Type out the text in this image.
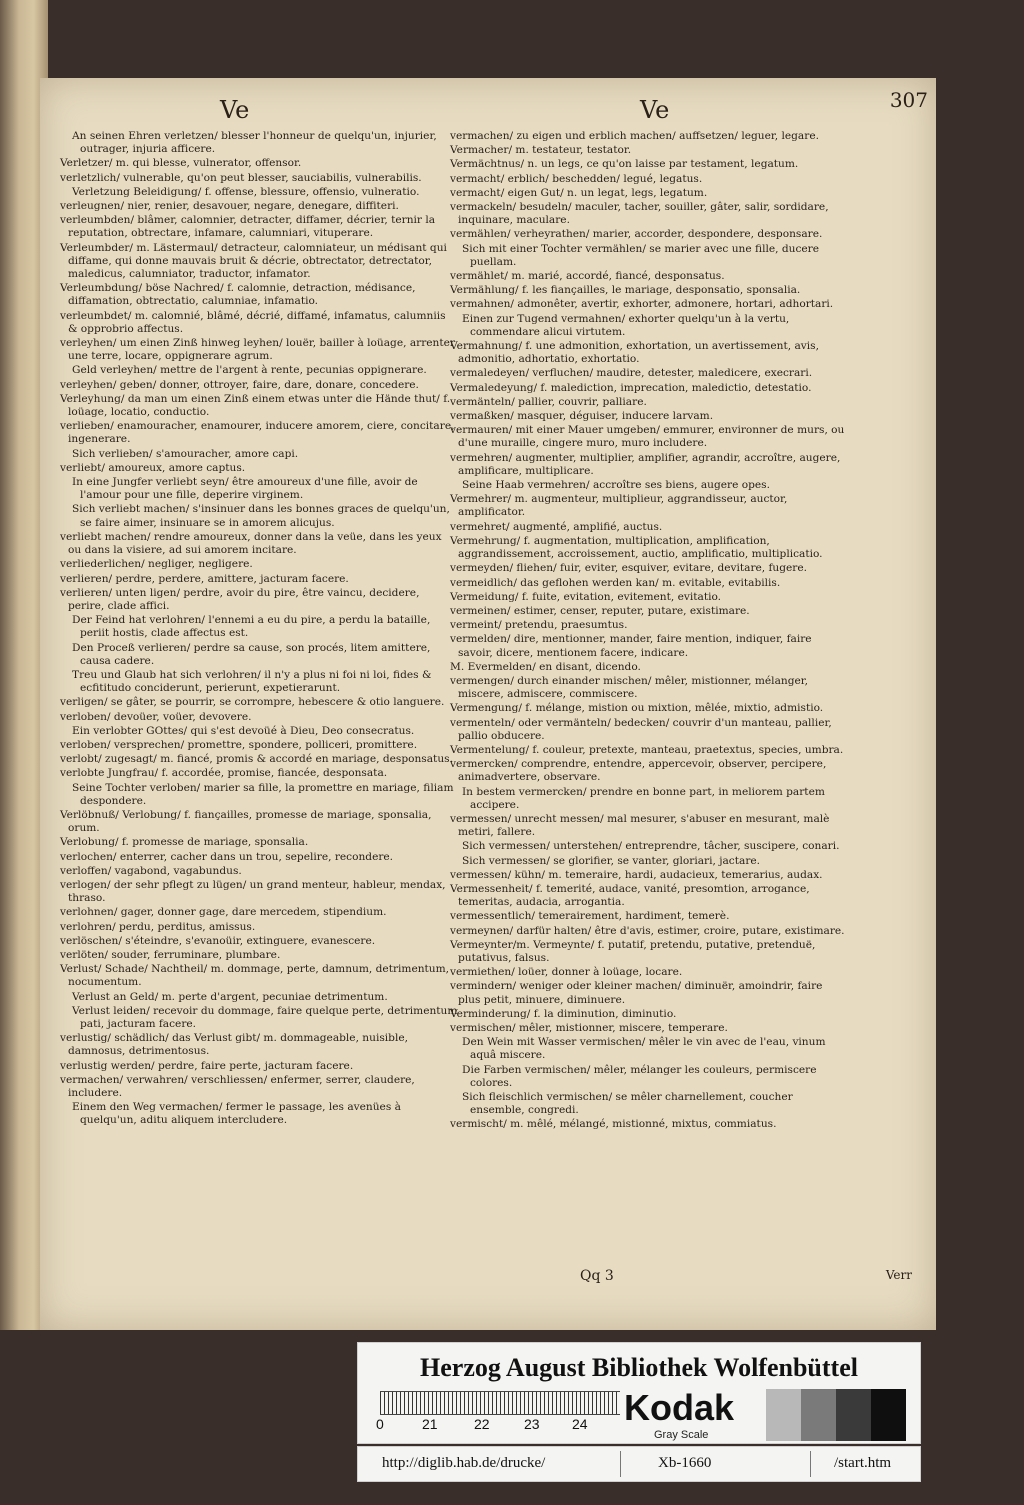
Ve	Ve	307
An seinen Ehren verletzen/ blesser l'honneur de quelqu'un, injurier, outrager, injuria afficere.
Verletzer/ m. qui blesse, vulnerator, offensor.
verletzlich/ vulnerable, qu'on peut blesser, sauciabilis, vulnerabilis.
Verletzung Beleidigung/ f. offense, blessure, offensio, vulneratio.
verleugnen/ nier, renier, desavouer, negare, denegare, diffiteri.
verleumbden/ blâmer, calomnier, detracter, diffamer, décrier, ternir la reputation, obtrectare, infamare, calumniari, vituperare.
Verleumbder/ m. Lästermaul/ detracteur, calomniateur, un médisant qui diffame, qui donne mauvais bruit & décrie, obtrectator, detrectator, maledicus, calumniator, traductor, infamator.
Verleumbdung/ böse Nachred/ f. calomnie, detraction, médisance, diffamation, obtrectatio, calumniae, infamatio.
verleumbdet/ m. calomnié, blâmé, décrié, diffamé, infamatus, calumniis & opprobrio affectus.
verleyhen/ um einen Zinß hinweg leyhen/ louër, bailler à loüage, arrenter une terre, locare, oppignerare agrum.
Geld verleyhen/ mettre de l'argent à rente, pecunias oppignerare.
verleyhen/ geben/ donner, ottroyer, faire, dare, donare, concedere.
Verleyhung/ da man um einen Zinß einem etwas unter die Hände thut/ f. loüage, locatio, conductio.
verlieben/ enamouracher, enamourer, inducere amorem, ciere, concitare, ingenerare.
Sich verlieben/ s'amouracher, amore capi.
verliebt/ amoureux, amore captus.
In eine Jungfer verliebt seyn/ être amoureux d'une fille, avoir de l'amour pour une fille, deperire virginem.
Sich verliebt machen/ s'insinuer dans les bonnes graces de quelqu'un, se faire aimer, insinuare se in amorem alicujus.
verliebt machen/ rendre amoureux, donner dans la veüe, dans les yeux ou dans la visiere, ad sui amorem incitare.
verliederlichen/ negliger, negligere.
verlieren/ perdre, perdere, amittere, jacturam facere.
verlieren/ unten ligen/ perdre, avoir du pire, être vaincu, decidere, perire, clade affici.
Der Feind hat verlohren/ l'ennemi a eu du pire, a perdu la bataille, periit hostis, clade affectus est.
Den Proceß verlieren/ perdre sa cause, son procés, litem amittere, causa cadere.
Treu und Glaub hat sich verlohren/ il n'y a plus ni foi ni loi, fides & ecfititudo conciderunt, perierunt, expetierarunt.
verligen/ se gâter, se pourrir, se corrompre, hebescere & otio languere.
verloben/ devoüer, voüer, devovere.
Ein verlobter GOttes/ qui s'est devoüé à Dieu, Deo consecratus.
verloben/ versprechen/ promettre, spondere, polliceri, promittere.
verlobt/ zugesagt/ m. fiancé, promis & accordé en mariage, desponsatus.
verlobte Jungfrau/ f. accordée, promise, fiancée, desponsata.
Seine Tochter verloben/ marier sa fille, la promettre en mariage, filiam despondere.
Verlöbnuß/ Verlobung/ f. fiançailles, promesse de mariage, sponsalia, orum.
Verlobung/ f. promesse de mariage, sponsalia.
verlochen/ enterrer, cacher dans un trou, sepelire, recondere.
verloffen/ vagabond, vagabundus.
verlogen/ der sehr pflegt zu lügen/ un grand menteur, hableur, mendax, thraso.
verlohnen/ gager, donner gage, dare mercedem, stipendium.
verlohren/ perdu, perditus, amissus.
verlöschen/ s'éteindre, s'evanoüir, extinguere, evanescere.
verlöten/ souder, ferruminare, plumbare.
Verlust/ Schade/ Nachtheil/ m. dommage, perte, damnum, detrimentum, nocumentum.
Verlust an Geld/ m. perte d'argent, pecuniae detrimentum.
Verlust leiden/ recevoir du dommage, faire quelque perte, detrimentum pati, jacturam facere.
verlustig/ schädlich/ das Verlust gibt/ m. dommageable, nuisible, damnosus, detrimentosus.
verlustig werden/ perdre, faire perte, jacturam facere.
vermachen/ verwahren/ verschliessen/ enfermer, serrer, claudere, includere.
Einem den Weg vermachen/ fermer le passage, les avenües à quelqu'un, aditu aliquem intercludere.
vermachen/ zu eigen und erblich machen/ auffsetzen/ leguer, legare.
Vermacher/ m. testateur, testator.
Vermächtnus/ n. un legs, ce qu'on laisse par testament, legatum.
vermacht/ erblich/ beschedden/ legué, legatus.
vermacht/ eigen Gut/ n. un legat, legs, legatum.
vermackeln/ besudeln/ maculer, tacher, souiller, gâter, salir, sordidare, inquinare, maculare.
vermählen/ verheyrathen/ marier, accorder, despondere, desponsare.
Sich mit einer Tochter vermählen/ se marier avec une fille, ducere puellam.
vermählet/ m. marié, accordé, fiancé, desponsatus.
Vermählung/ f. les fiançailles, le mariage, desponsatio, sponsalia.
vermahnen/ admonêter, avertir, exhorter, admonere, hortari, adhortari.
Einen zur Tugend vermahnen/ exhorter quelqu'un à la vertu, commendare alicui virtutem.
Vermahnung/ f. une admonition, exhortation, un avertissement, avis, admonitio, adhortatio, exhortatio.
vermaledeyen/ verfluchen/ maudire, detester, maledicere, execrari.
Vermaledeyung/ f. malediction, imprecation, maledictio, detestatio.
vermänteln/ pallier, couvrir, palliare.
vermaßken/ masquer, déguiser, inducere larvam.
vermauren/ mit einer Mauer umgeben/ emmurer, environner de murs, ou d'une muraille, cingere muro, muro includere.
vermehren/ augmenter, multiplier, amplifier, agrandir, accroître, augere, amplificare, multiplicare.
Seine Haab vermehren/ accroître ses biens, augere opes.
Vermehrer/ m. augmenteur, multiplieur, aggrandisseur, auctor, amplificator.
vermehret/ augmenté, amplifié, auctus.
Vermehrung/ f. augmentation, multiplication, amplification, aggrandissement, accroissement, auctio, amplificatio, multiplicatio.
vermeyden/ fliehen/ fuir, eviter, esquiver, evitare, devitare, fugere.
vermeidlich/ das geflohen werden kan/ m. evitable, evitabilis.
Vermeidung/ f. fuite, evitation, evitement, evitatio.
vermeinen/ estimer, censer, reputer, putare, existimare.
vermeint/ pretendu, praesumtus.
vermelden/ dire, mentionner, mander, faire mention, indiquer, faire savoir, dicere, mentionem facere, indicare.
M. Evermelden/ en disant, dicendo.
vermengen/ durch einander mischen/ mêler, mistionner, mélanger, miscere, admiscere, commiscere.
Vermengung/ f. mélange, mistion ou mixtion, mêlée, mixtio, admistio.
vermenteln/ oder vermänteln/ bedecken/ couvrir d'un manteau, pallier, palliо obducere.
Vermentelung/ f. couleur, pretexte, manteau, praetextus, species, umbra.
vermercken/ comprendre, entendre, appercevoir, observer, percipere, animadvertere, observare.
In bestem vermercken/ prendre en bonne part, in meliorem partem accipere.
vermessen/ unrecht messen/ mal mesurer, s'abuser en mesurant, malè metiri, fallere.
Sich vermessen/ unterstehen/ entreprendre, tâcher, suscipere, conari.
Sich vermessen/ se glorifier, se vanter, gloriari, jactare.
vermessen/ kühn/ m. temeraire, hardi, audacieux, temerarius, audax.
Vermessenheit/ f. temerité, audace, vanité, presomtion, arrogance, temeritas, audacia, arrogantia.
vermessentlich/ temerairement, hardiment, temerè.
vermeynen/ darfür halten/ être d'avis, estimer, croire, putare, existimare.
Vermeynter/m. Vermeynte/ f. putatif, pretendu, putative, pretenduë, putativus, falsus.
vermiethen/ loüer, donner à loüage, locare.
vermindern/ weniger oder kleiner machen/ diminuër, amoindrir, faire plus petit, minuere, diminuere.
Verminderung/ f. la diminution, diminutio.
vermischen/ mêler, mistionner, miscere, temperare.
Den Wein mit Wasser vermischen/ mêler le vin avec de l'eau, vinum aquâ miscere.
Die Farben vermischen/ mêler, mélanger les couleurs, permiscere colores.
Sich fleischlich vermischen/ se mêler charnellement, coucher ensemble, congredi.
vermischt/ m. mêlé, mélangé, mistionné, mixtus, commiatus.
Qq 3	Verr
Herzog August Bibliothek Wolfenbüttel
0	21	22 23 24 Kodak
Gray Scale
http://diglib.hab.de/drucke/	Xb-1660	/start.htm
